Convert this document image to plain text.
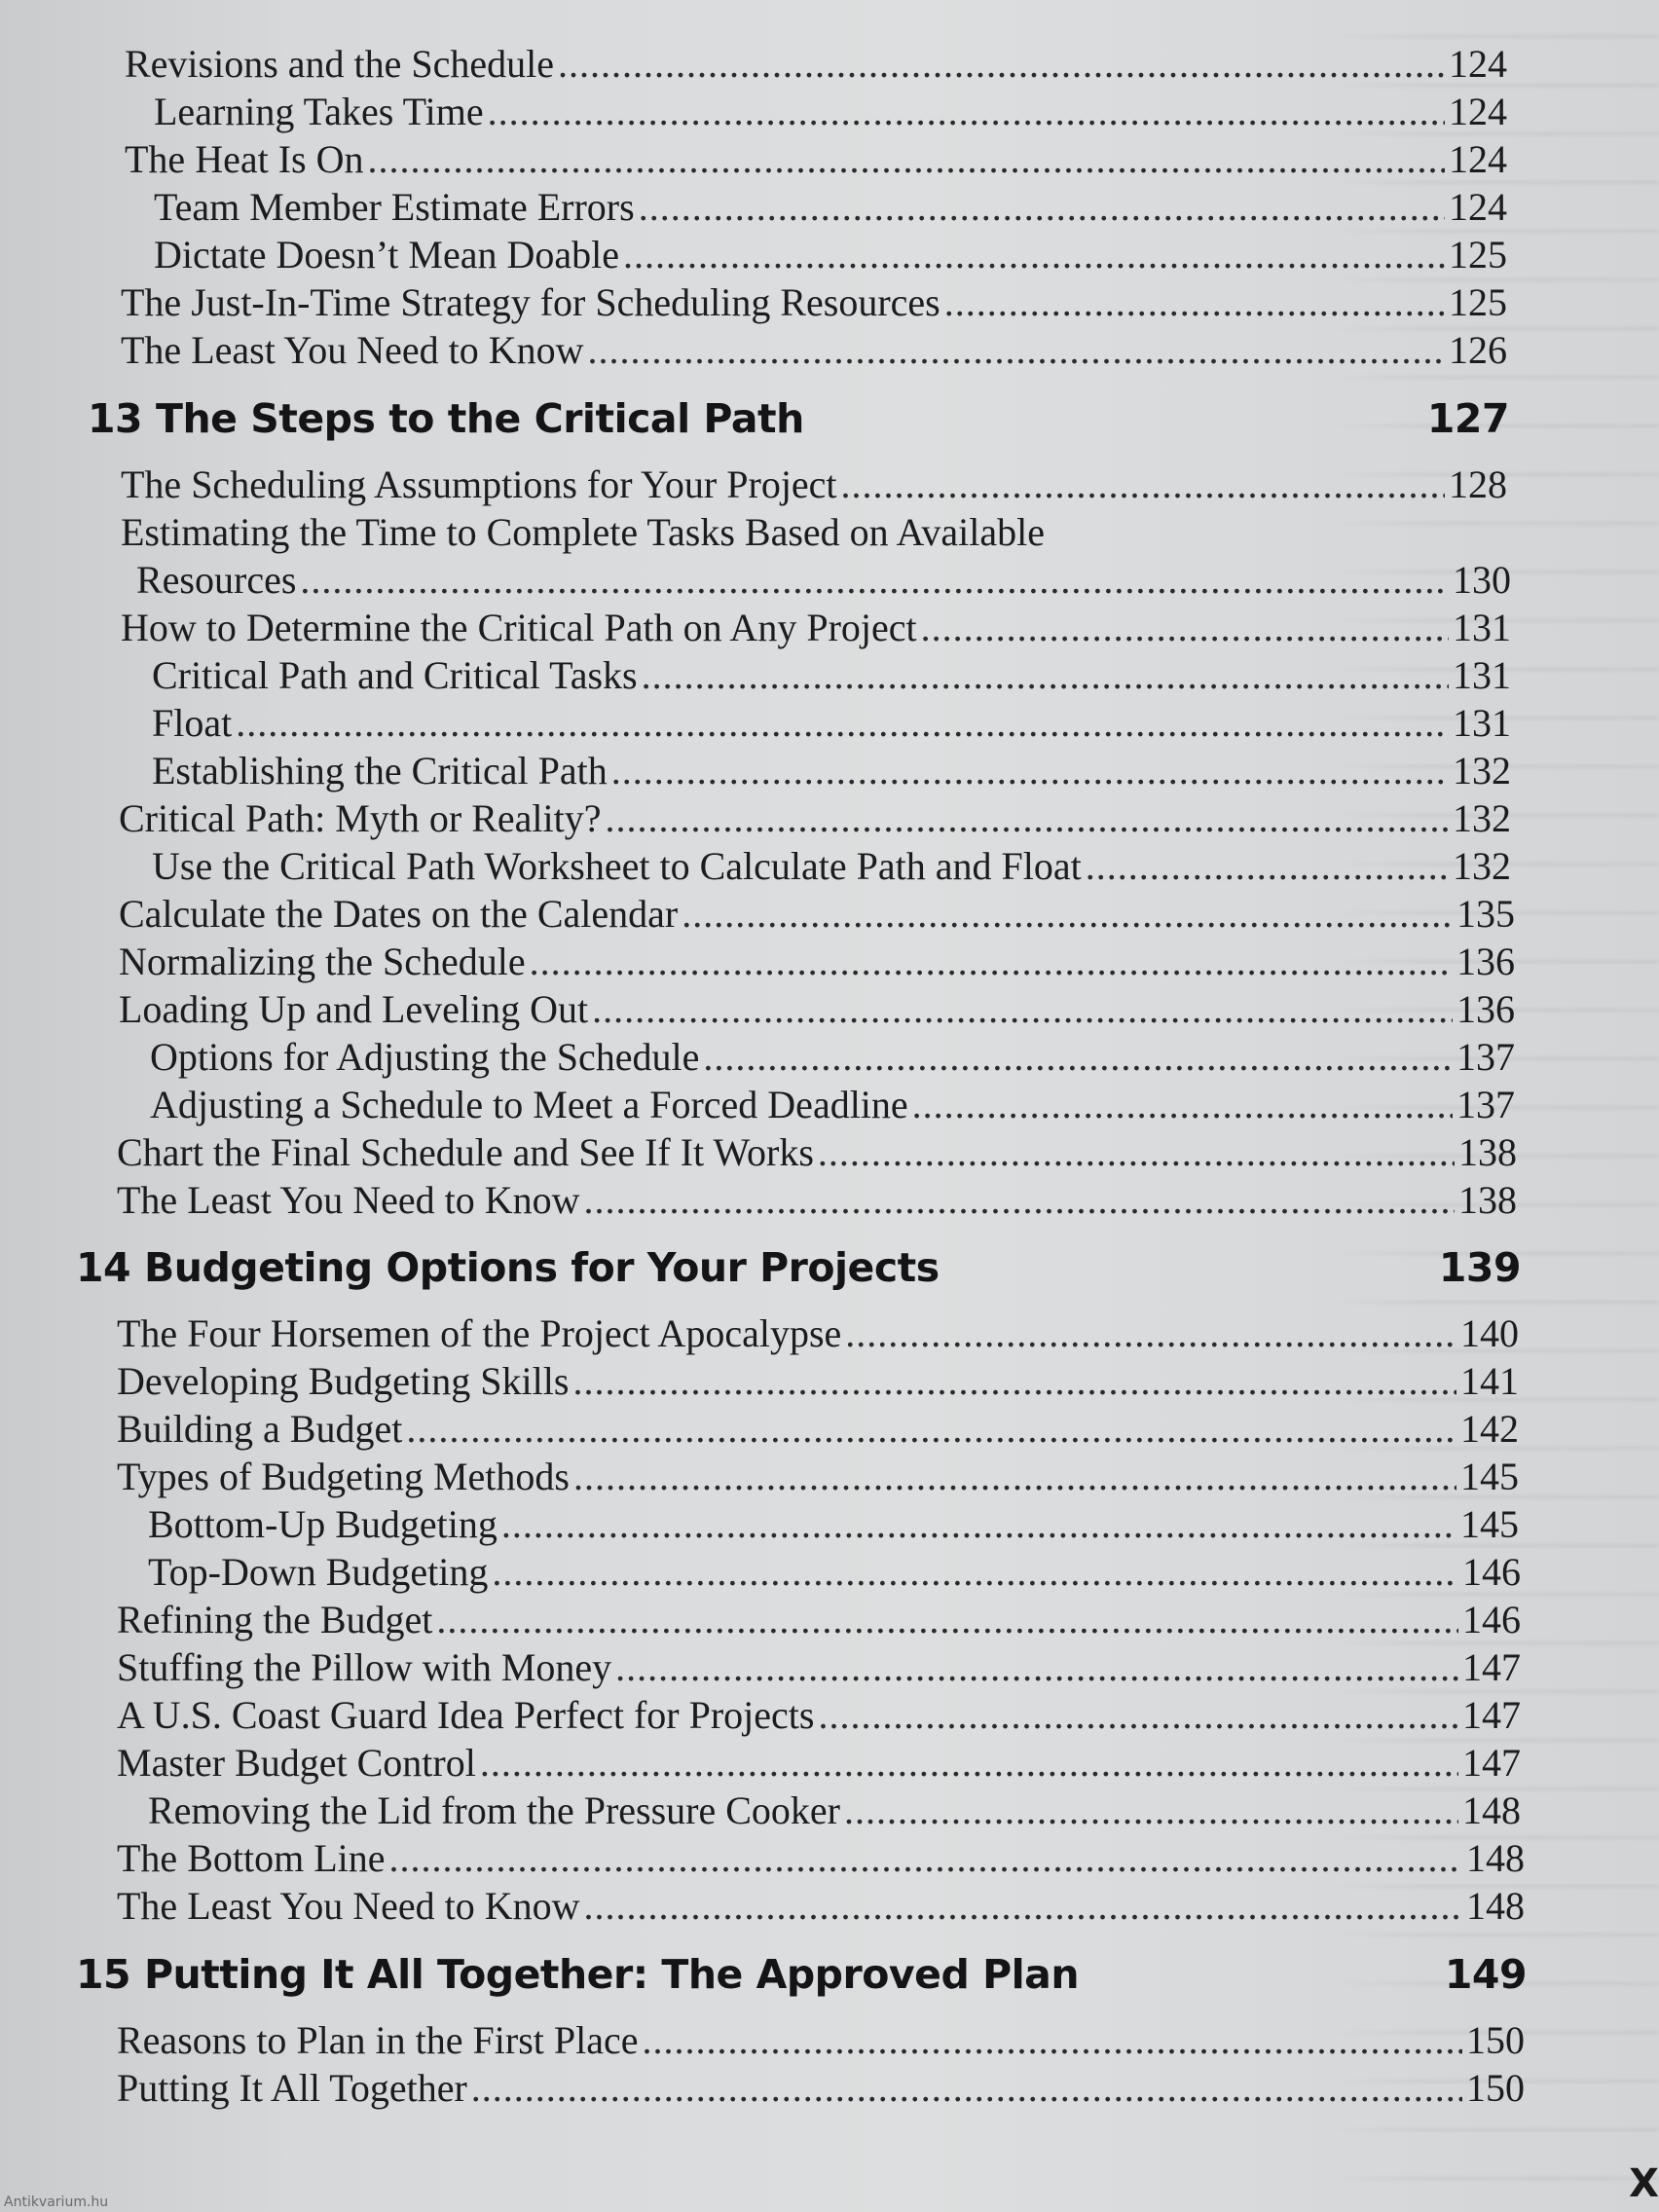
Revisions and the Schedule .....	124
Learning Takes Time .....	124
The Heat Is On .....	124
Team Member Estimate Errors .....	124
Dictate Doesn’t Mean Doable .....	125
The Just-In-Time Strategy for Scheduling Resources .....	125
The Least You Need to Know .....	126
13 The Steps to the Critical Path	127
The Scheduling Assumptions for Your Project .....	128
Estimating the Time to Complete Tasks Based on Available
Resources .....	130
How to Determine the Critical Path on Any Project .....	131
Critical Path and Critical Tasks .....	131
Float .....	131
Establishing the Critical Path .....	132
Critical Path: Myth or Reality? .....	132
Use the Critical Path Worksheet to Calculate Path and Float .....	132
Calculate the Dates on the Calendar .....	135
Normalizing the Schedule .....	136
Loading Up and Leveling Out .....	136
Options for Adjusting the Schedule .....	137
Adjusting a Schedule to Meet a Forced Deadline .....	137
Chart the Final Schedule and See If It Works .....	138
The Least You Need to Know .....	138
14 Budgeting Options for Your Projects	139
The Four Horsemen of the Project Apocalypse .....	140
Developing Budgeting Skills .....	141
Building a Budget .....	142
Types of Budgeting Methods .....	145
Bottom-Up Budgeting .....	145
Top-Down Budgeting .....	146
Refining the Budget .....	146
Stuffing the Pillow with Money .....	147
A U.S. Coast Guard Idea Perfect for Projects .....	147
Master Budget Control .....	147
Removing the Lid from the Pressure Cooker .....	148
The Bottom Line .....	148
The Least You Need to Know .....	148
15 Putting It All Together: The Approved Plan	149
Reasons to Plan in the First Place .....	150
Putting It All Together .....	150
X
Antikvarium.hu
